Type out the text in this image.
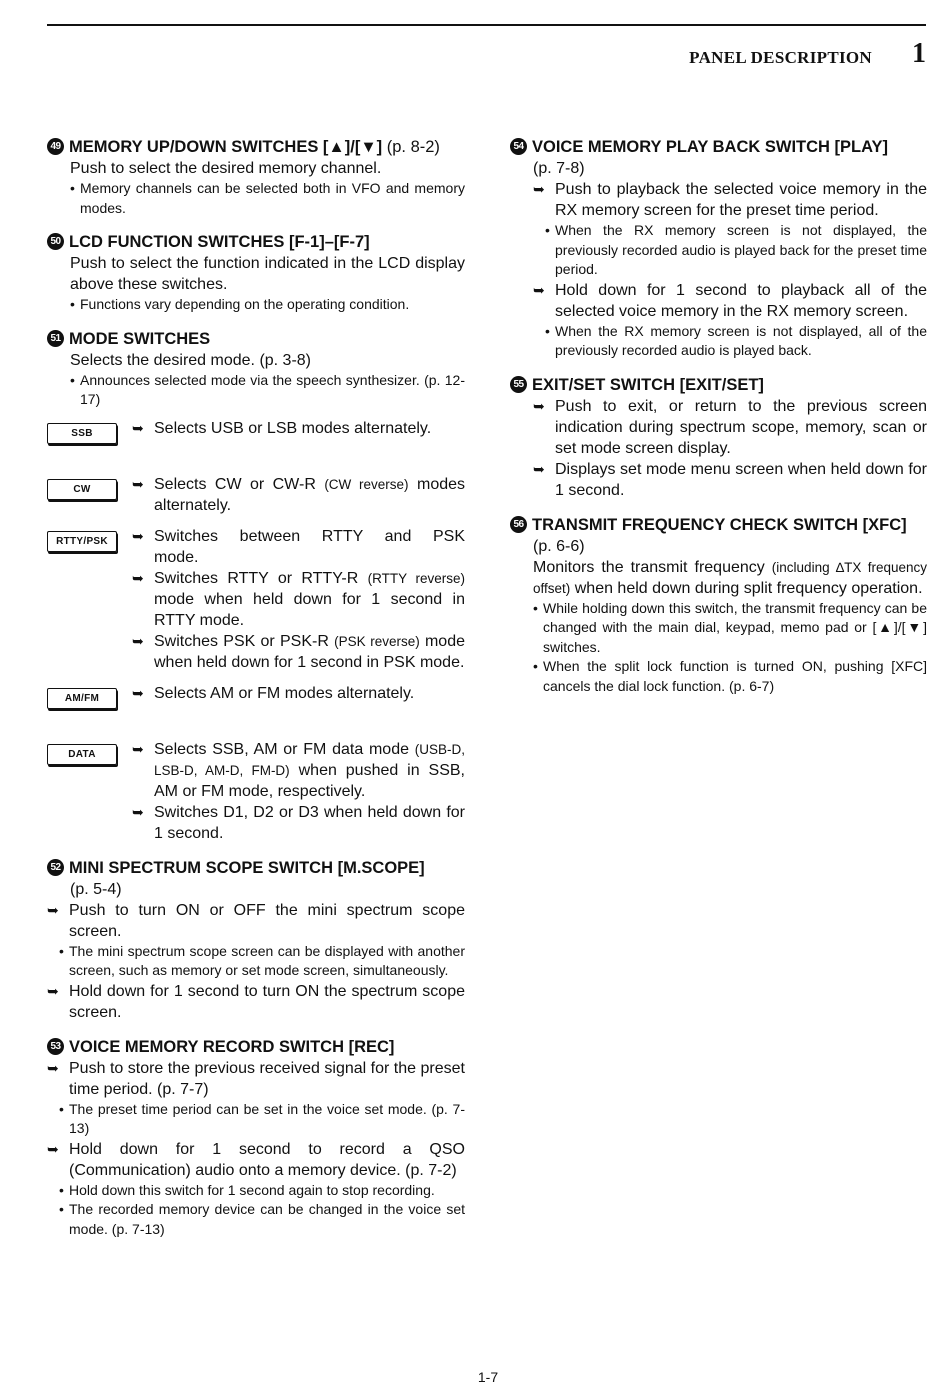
PANEL DESCRIPTION 1
49 MEMORY UP/DOWN SWITCHES [▲]/[▼] (p. 8-2)
Push to select the desired memory channel.
• Memory channels can be selected both in VFO and memory modes.
50 LCD FUNCTION SWITCHES [F-1]–[F-7]
Push to select the function indicated in the LCD display above these switches.
• Functions vary depending on the operating condition.
51 MODE SWITCHES
Selects the desired mode. (p. 3-8)
• Announces selected mode via the speech synthesizer. (p. 12-17)
SSB	➥ Selects USB or LSB modes alternately.
CW	➥ Selects CW or CW-R (CW reverse) modes alternately.
RTTY/PSK	➥ Switches between RTTY and PSK mode.
➥ Switches RTTY or RTTY-R (RTTY reverse) mode when held down for 1 second in RTTY mode.
➥ Switches PSK or PSK-R (PSK reverse) mode when held down for 1 second in PSK mode.
AM/FM	➥ Selects AM or FM modes alternately.
DATA	➥ Selects SSB, AM or FM data mode (USB-D, LSB-D, AM-D, FM-D) when pushed in SSB, AM or FM mode, respectively.
➥ Switches D1, D2 or D3 when held down for 1 second.
52 MINI SPECTRUM SCOPE SWITCH [M.SCOPE]
(p. 5-4)
➥ Push to turn ON or OFF the mini spectrum scope screen.
• The mini spectrum scope screen can be displayed with another screen, such as memory or set mode screen, simultaneously.
➥ Hold down for 1 second to turn ON the spectrum scope screen.
53 VOICE MEMORY RECORD SWITCH [REC]
➥ Push to store the previous received signal for the preset time period. (p. 7-7)
• The preset time period can be set in the voice set mode. (p. 7-13)
➥ Hold down for 1 second to record a QSO (Communication) audio onto a memory device. (p. 7-2)
• Hold down this switch for 1 second again to stop recording.
• The recorded memory device can be changed in the voice set mode. (p. 7-13)
54 VOICE MEMORY PLAY BACK SWITCH [PLAY]
(p. 7-8)
➥ Push to playback the selected voice memory in the RX memory screen for the preset time period.
• When the RX memory screen is not displayed, the previously recorded audio is played back for the preset time period.
➥ Hold down for 1 second to playback all of the selected voice memory in the RX memory screen.
• When the RX memory screen is not displayed, all of the previously recorded audio is played back.
55 EXIT/SET SWITCH [EXIT/SET]
➥ Push to exit, or return to the previous screen indication during spectrum scope, memory, scan or set mode screen display.
➥ Displays set mode menu screen when held down for 1 second.
56 TRANSMIT FREQUENCY CHECK SWITCH [XFC]
(p. 6-6)
Monitors the transmit frequency (including ∆TX frequency offset) when held down during split frequency operation.
• While holding down this switch, the transmit frequency can be changed with the main dial, keypad, memo pad or [▲]/[▼] switches.
• When the split lock function is turned ON, pushing [XFC] cancels the dial lock function. (p. 6-7)
1-7
